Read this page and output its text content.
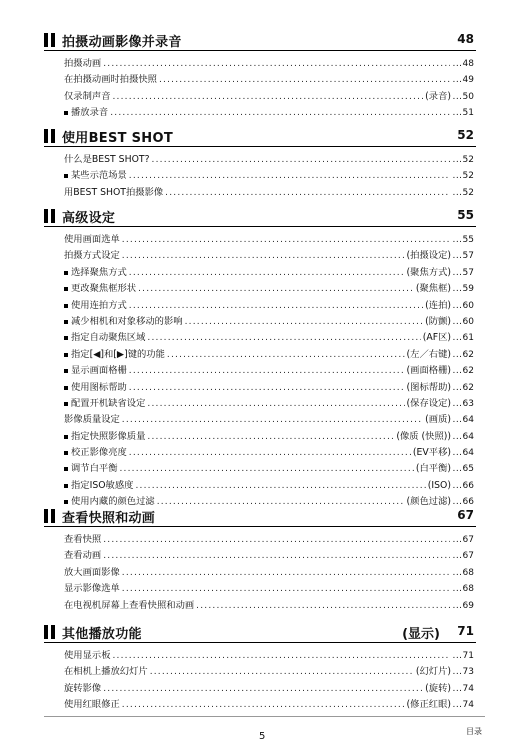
拍摄动画影像并录音	48
拍摄动画 .....	... 48
在拍摄动画时拍摄快照 .....	... 49
仅录制声音 .....	(录音)	... 50
播放录音 .....	... 51
使用BEST SHOT	52
什么是BEST SHOT? .....	... 52
某些示范场景 .....	... 52
用BEST SHOT拍摄影像 .....	... 52
高级设定	55
使用画面选单 .....	... 55
拍摄方式设定 .....	(拍摄设定)	... 57
选择聚焦方式 .....	(聚焦方式)	... 57
更改聚焦框形状 .....	(聚焦框)	... 59
使用连拍方式 .....	(连拍)	... 60
减少相机和对象移动的影响 .....	(防颤)	... 60
指定自动聚焦区域 .....	(AF区)	... 61
指定[◀]和[▶]键的功能 .....	(左／右键)	... 62
显示画面格栅 .....	(画面格栅)	... 62
使用图标帮助 .....	(图标帮助)	... 62
配置开机缺省设定 .....	(保存设定)	... 63
影像质量设定 .....	(画质)	... 64
指定快照影像质量 .....	(像质 (快照))	... 64
校正影像亮度 .....	(EV平移)	... 64
调节白平衡 .....	(白平衡)	... 65
指定ISO敏感度 .....	(ISO)	... 66
使用内藏的颜色过滤 .....	(颜色过滤)	... 66
查看快照和动画	67
查看快照 .....	... 67
查看动画 .....	... 67
放大画面影像 .....	... 68
显示影像选单 .....	... 68
在电视机屏幕上查看快照和动画 .....	... 69
其他播放功能	(显示) 71
使用显示板 .....	... 71
在相机上播放幻灯片 .....	(幻灯片)	... 73
旋转影像 .....	(旋转)	... 74
使用红眼修正 .....	(修正红眼)	... 74
5	目录
